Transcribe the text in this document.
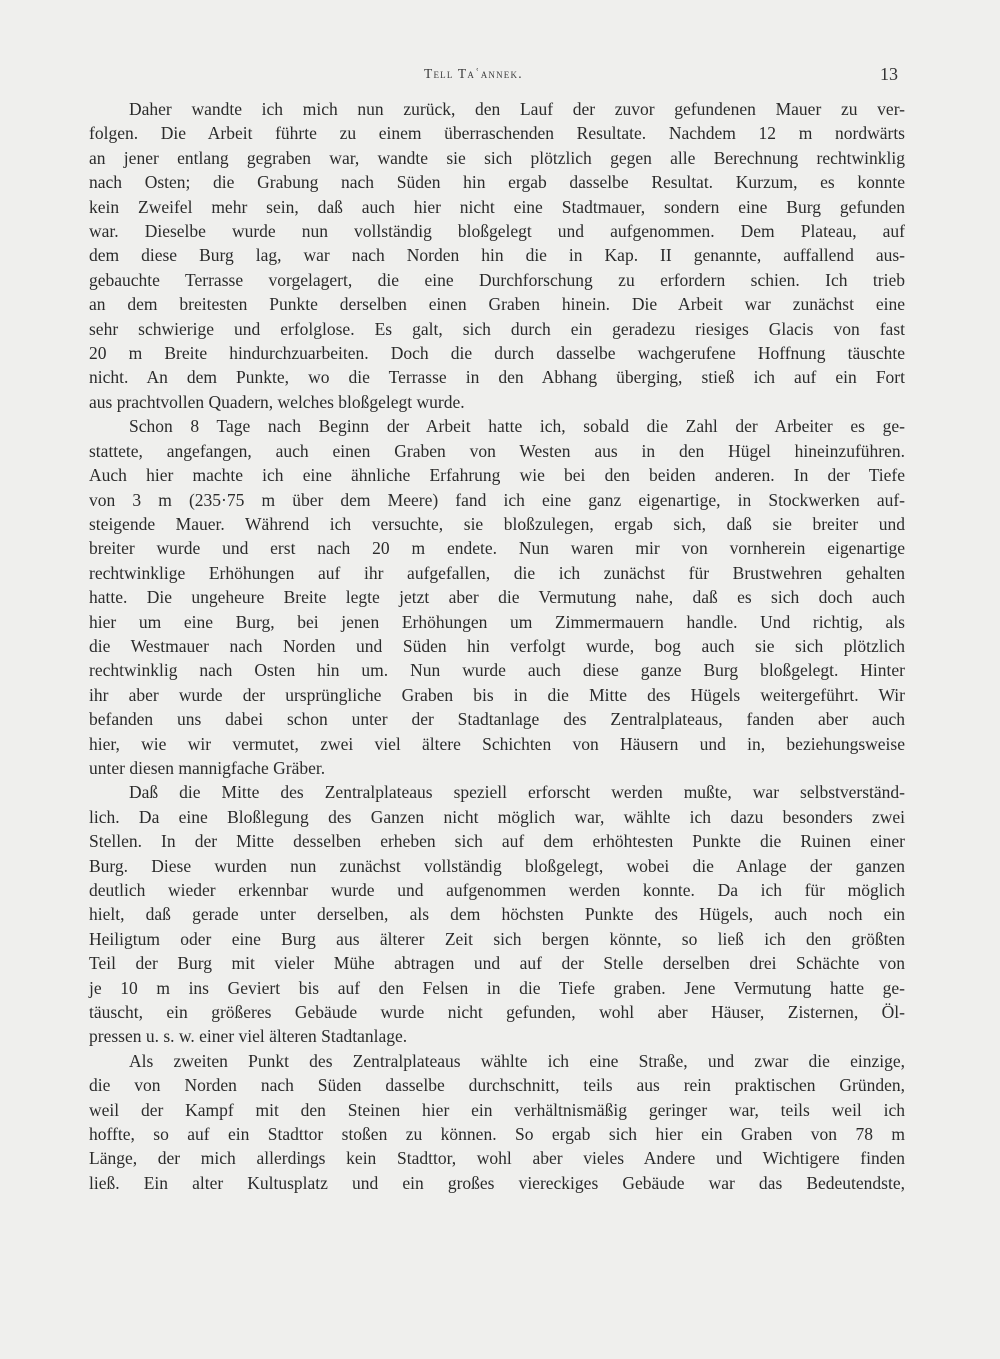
Tell Taʿannek.	13
Daher wandte ich mich nun zurück, den Lauf der zuvor gefundenen Mauer zu ver-
folgen. Die Arbeit führte zu einem überraschenden Resultate. Nachdem 12 m nordwärts
an jener entlang gegraben war, wandte sie sich plötzlich gegen alle Berechnung rechtwinklig
nach Osten; die Grabung nach Süden hin ergab dasselbe Resultat. Kurzum, es konnte
kein Zweifel mehr sein, daß auch hier nicht eine Stadtmauer, sondern eine Burg gefunden
war. Dieselbe wurde nun vollständig bloßgelegt und aufgenommen. Dem Plateau, auf
dem diese Burg lag, war nach Norden hin die in Kap. II genannte, auffallend aus-
gebauchte Terrasse vorgelagert, die eine Durchforschung zu erfordern schien. Ich trieb
an dem breitesten Punkte derselben einen Graben hinein. Die Arbeit war zunächst eine
sehr schwierige und erfolglose. Es galt, sich durch ein geradezu riesiges Glacis von fast
20 m Breite hindurchzuarbeiten. Doch die durch dasselbe wachgerufene Hoffnung täuschte
nicht. An dem Punkte, wo die Terrasse in den Abhang überging, stieß ich auf ein Fort
aus prachtvollen Quadern, welches bloßgelegt wurde.
Schon 8 Tage nach Beginn der Arbeit hatte ich, sobald die Zahl der Arbeiter es ge-
stattete, angefangen, auch einen Graben von Westen aus in den Hügel hineinzuführen.
Auch hier machte ich eine ähnliche Erfahrung wie bei den beiden anderen. In der Tiefe
von 3 m (235·75 m über dem Meere) fand ich eine ganz eigenartige, in Stockwerken auf-
steigende Mauer. Während ich versuchte, sie bloßzulegen, ergab sich, daß sie breiter und
breiter wurde und erst nach 20 m endete. Nun waren mir von vornherein eigenartige
rechtwinklige Erhöhungen auf ihr aufgefallen, die ich zunächst für Brustwehren gehalten
hatte. Die ungeheure Breite legte jetzt aber die Vermutung nahe, daß es sich doch auch
hier um eine Burg, bei jenen Erhöhungen um Zimmermauern handle. Und richtig, als
die Westmauer nach Norden und Süden hin verfolgt wurde, bog auch sie sich plötzlich
rechtwinklig nach Osten hin um. Nun wurde auch diese ganze Burg bloßgelegt. Hinter
ihr aber wurde der ursprüngliche Graben bis in die Mitte des Hügels weitergeführt. Wir
befanden uns dabei schon unter der Stadtanlage des Zentralplateaus, fanden aber auch
hier, wie wir vermutet, zwei viel ältere Schichten von Häusern und in, beziehungsweise
unter diesen mannigfache Gräber.
Daß die Mitte des Zentralplateaus speziell erforscht werden mußte, war selbstverständ-
lich. Da eine Bloßlegung des Ganzen nicht möglich war, wählte ich dazu besonders zwei
Stellen. In der Mitte desselben erheben sich auf dem erhöhtesten Punkte die Ruinen einer
Burg. Diese wurden nun zunächst vollständig bloßgelegt, wobei die Anlage der ganzen
deutlich wieder erkennbar wurde und aufgenommen werden konnte. Da ich für möglich
hielt, daß gerade unter derselben, als dem höchsten Punkte des Hügels, auch noch ein
Heiligtum oder eine Burg aus älterer Zeit sich bergen könnte, so ließ ich den größten
Teil der Burg mit vieler Mühe abtragen und auf der Stelle derselben drei Schächte von
je 10 m ins Geviert bis auf den Felsen in die Tiefe graben. Jene Vermutung hatte ge-
täuscht, ein größeres Gebäude wurde nicht gefunden, wohl aber Häuser, Zisternen, Öl-
pressen u. s. w. einer viel älteren Stadtanlage.
Als zweiten Punkt des Zentralplateaus wählte ich eine Straße, und zwar die einzige,
die von Norden nach Süden dasselbe durchschnitt, teils aus rein praktischen Gründen,
weil der Kampf mit den Steinen hier ein verhältnismäßig geringer war, teils weil ich
hoffte, so auf ein Stadttor stoßen zu können. So ergab sich hier ein Graben von 78 m
Länge, der mich allerdings kein Stadttor, wohl aber vieles Andere und Wichtigere finden
ließ. Ein alter Kultusplatz und ein großes viereckiges Gebäude war das Bedeutendste,
